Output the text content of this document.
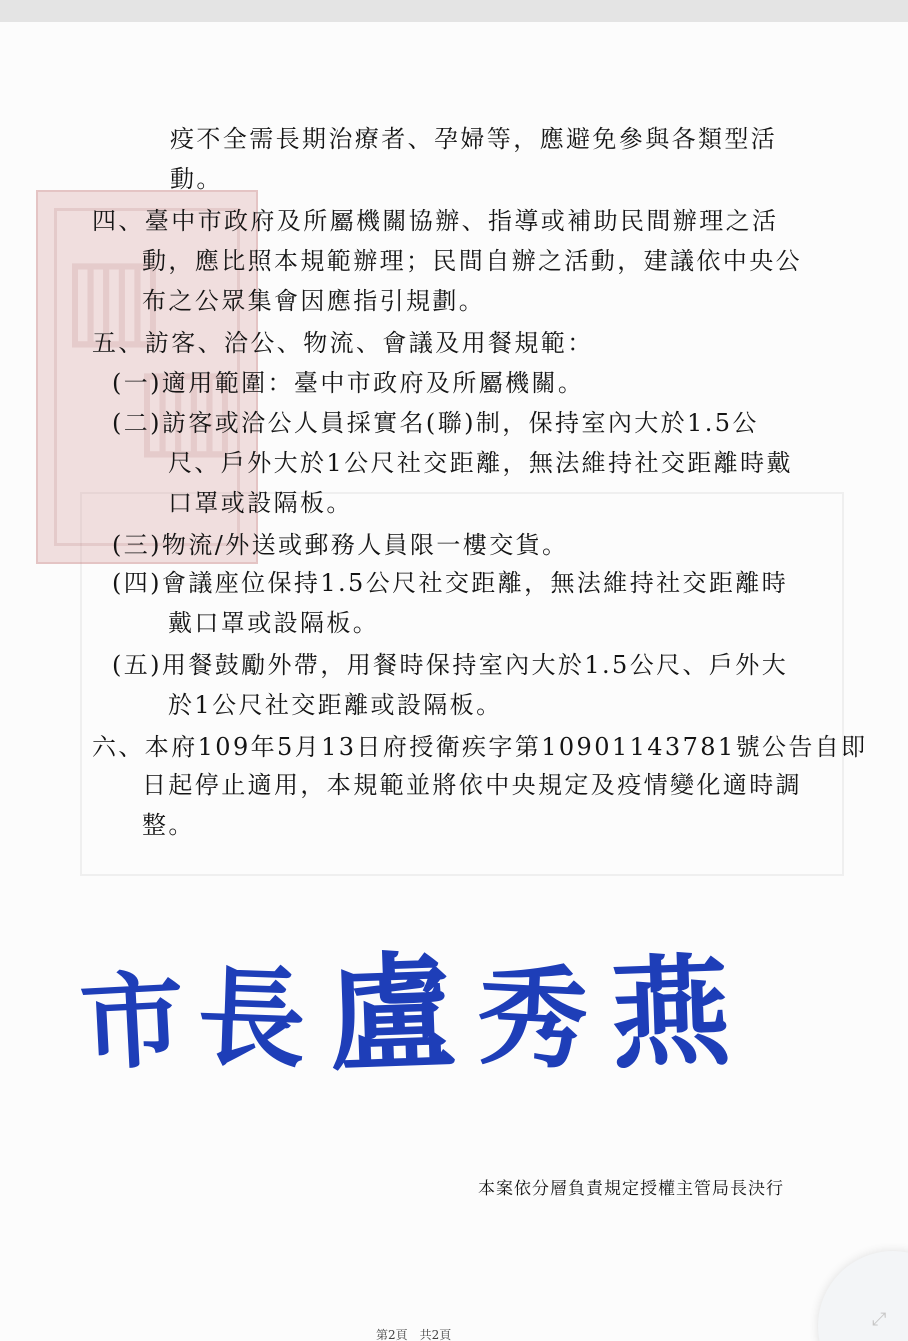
▥
▥
疫不全需長期治療者、孕婦等，應避免參與各類型活
動。
四、臺中市政府及所屬機關協辦、指導或補助民間辦理之活
動，應比照本規範辦理；民間自辦之活動，建議依中央公
布之公眾集會因應指引規劃。
五、訪客、洽公、物流、會議及用餐規範：
(一)適用範圍：臺中市政府及所屬機關。
(二)訪客或洽公人員採實名(聯)制，保持室內大於1.5公
尺、戶外大於1公尺社交距離，無法維持社交距離時戴
口罩或設隔板。
(三)物流/外送或郵務人員限一樓交貨。
(四)會議座位保持1.5公尺社交距離，無法維持社交距離時
戴口罩或設隔板。
(五)用餐鼓勵外帶，用餐時保持室內大於1.5公尺、戶外大
於1公尺社交距離或設隔板。
六、本府109年5月13日府授衛疾字第10901143781號公告自即
日起停止適用，本規範並將依中央規定及疫情變化適時調
整。
市 長 盧 秀 燕
本案依分層負責規定授權主管局長決行
第2頁　共2頁
⤢
